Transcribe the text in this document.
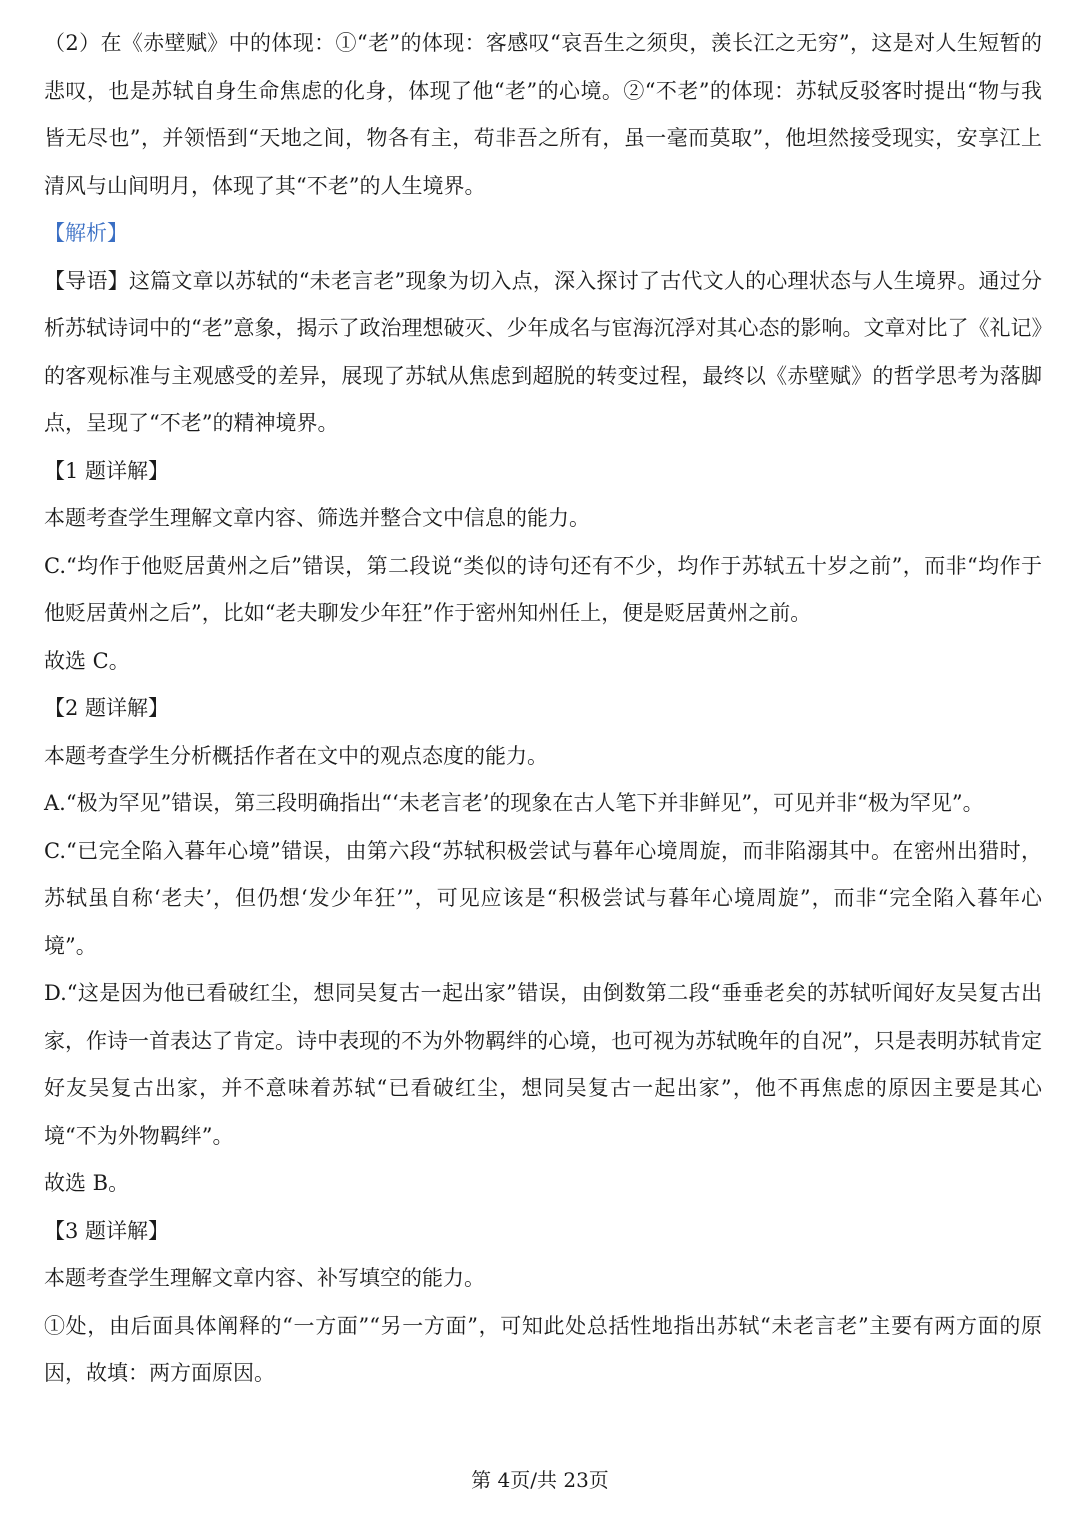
（2）在《赤壁赋》中的体现：①“老”的体现：客感叹“哀吾生之须臾，羡长江之无穷”，这是对人生短暂的悲叹，也是苏轼自身生命焦虑的化身，体现了他“老”的心境。②“不老”的体现：苏轼反驳客时提出“物与我皆无尽也”，并领悟到“天地之间，物各有主，苟非吾之所有，虽一毫而莫取”，他坦然接受现实，安享江上清风与山间明月，体现了其“不老”的人生境界。

【解析】

【导语】这篇文章以苏轼的“未老言老”现象为切入点，深入探讨了古代文人的心理状态与人生境界。通过分析苏轼诗词中的“老”意象，揭示了政治理想破灭、少年成名与宦海沉浮对其心态的影响。文章对比了《礼记》的客观标准与主观感受的差异，展现了苏轼从焦虑到超脱的转变过程，最终以《赤壁赋》的哲学思考为落脚点，呈现了“不老”的精神境界。

【1 题详解】

本题考查学生理解文章内容、筛选并整合文中信息的能力。

C.“均作于他贬居黄州之后”错误，第二段说“类似的诗句还有不少，均作于苏轼五十岁之前”，而非“均作于他贬居黄州之后”，比如“老夫聊发少年狂”作于密州知州任上，便是贬居黄州之前。

故选 C。

【2 题详解】

本题考查学生分析概括作者在文中的观点态度的能力。

A.“极为罕见”错误，第三段明确指出“‘未老言老’的现象在古人笔下并非鲜见”，可见并非“极为罕见”。

C.“已完全陷入暮年心境”错误，由第六段“苏轼积极尝试与暮年心境周旋，而非陷溺其中。在密州出猎时，苏轼虽自称‘老夫’，但仍想‘发少年狂’”，可见应该是“积极尝试与暮年心境周旋”，而非“完全陷入暮年心境”。

D.“这是因为他已看破红尘，想同吴复古一起出家”错误，由倒数第二段“垂垂老矣的苏轼听闻好友吴复古出家，作诗一首表达了肯定。诗中表现的不为外物羁绊的心境，也可视为苏轼晚年的自况”，只是表明苏轼肯定好友吴复古出家，并不意味着苏轼“已看破红尘，想同吴复古一起出家”，他不再焦虑的原因主要是其心境“不为外物羁绊”。

故选 B。

【3 题详解】

本题考查学生理解文章内容、补写填空的能力。

①处，由后面具体阐释的“一方面”“另一方面”，可知此处总括性地指出苏轼“未老言老”主要有两方面的原因，故填：两方面原因。

第 4页/共 23页
